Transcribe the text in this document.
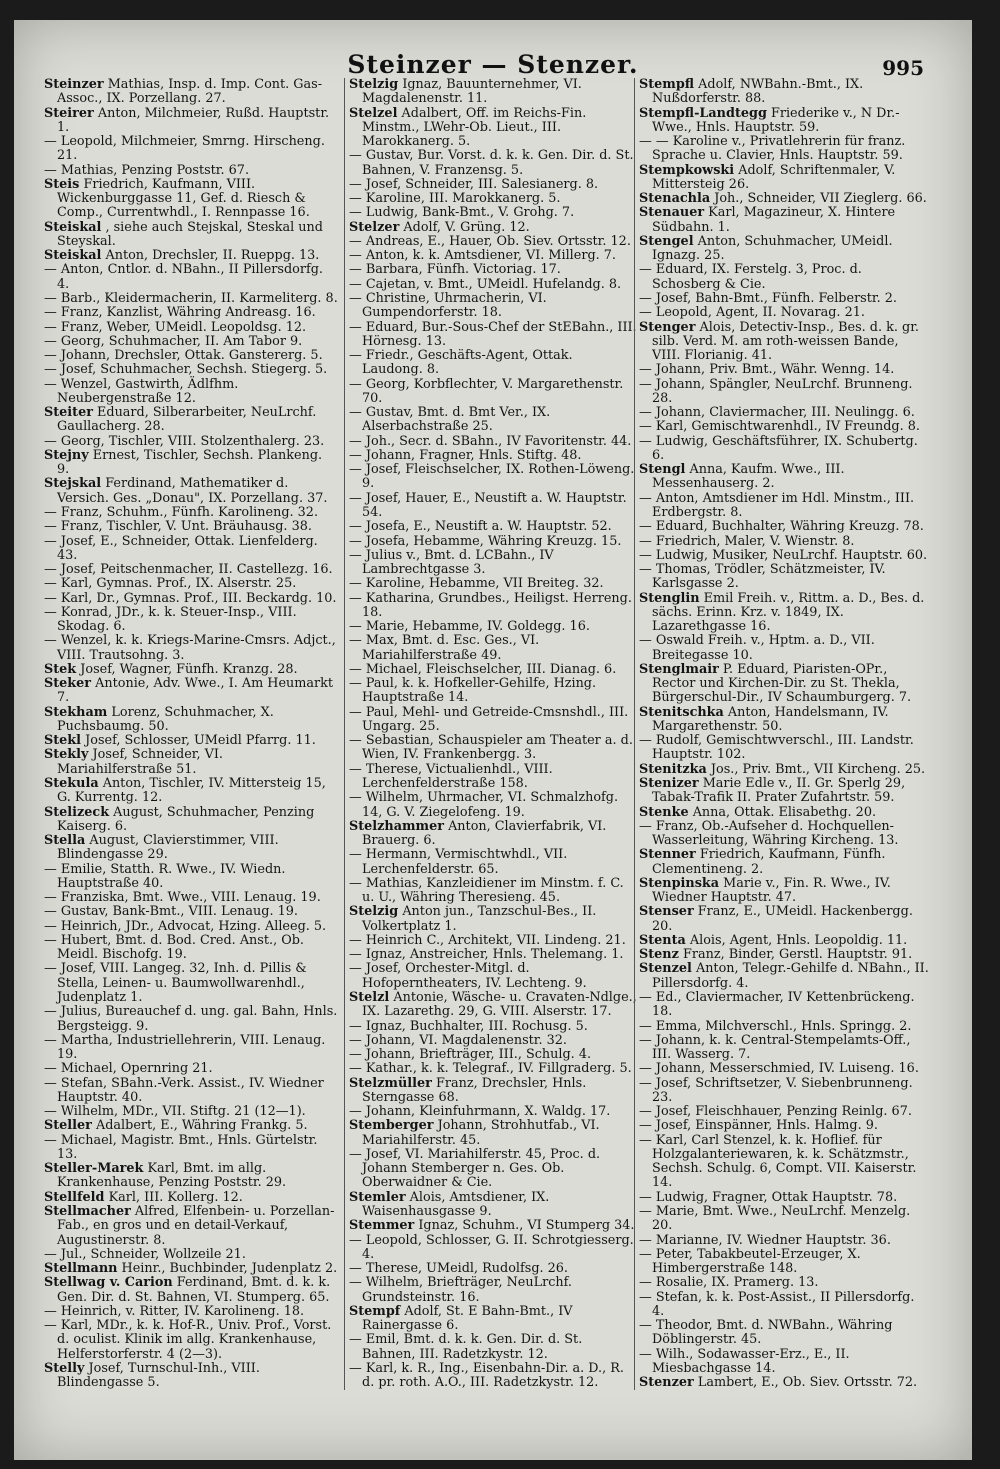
Steinzer — Stenzer.	995

Steinzer Mathias, Insp. d. Imp. Cont. Gas-Assoc., IX. Porzellang. 27.

Steirer Anton, Milchmeier, Rußd. Hauptstr. 1.

— Leopold, Milchmeier, Smrng. Hirscheng. 21.

— Mathias, Penzing Poststr. 67.

Steis Friedrich, Kaufmann, VIII. Wickenburggasse 11, Gef. d. Riesch & Comp., Currentwhdl., I. Rennpasse 16.

Steiskal , siehe auch Stejskal, Steskal und Steyskal.

Steiskal Anton, Drechsler, II. Rueppg. 13.

— Anton, Cntlor. d. NBahn., II Pillersdorfg. 4.

— Barb., Kleidermacherin, II. Karmeliterg. 8.

— Franz, Kanzlist, Währing Andreasg. 16.

— Franz, Weber, UMeidl. Leopoldsg. 12.

— Georg, Schuhmacher, II. Am Tabor 9.

— Johann, Drechsler, Ottak. Ganstererg. 5.

— Josef, Schuhmacher, Sechsh. Stiegerg. 5.

— Wenzel, Gastwirth, Ädlfhm. Neubergenstraße 12.

Steiter Eduard, Silberarbeiter, NeuLrchf. Gaullacherg. 28.

— Georg, Tischler, VIII. Stolzenthalerg. 23.

Stejny Ernest, Tischler, Sechsh. Plankeng. 9.

Stejskal Ferdinand, Mathematiker d. Versich. Ges. „Donau", IX. Porzellang. 37.

— Franz, Schuhm., Fünfh. Karolineng. 32.

— Franz, Tischler, V. Unt. Bräuhausg. 38.

— Josef, E., Schneider, Ottak. Lienfelderg. 43.

— Josef, Peitschenmacher, II. Castellezg. 16.

— Karl, Gymnas. Prof., IX. Alserstr. 25.

— Karl, Dr., Gymnas. Prof., III. Beckardg. 10.

— Konrad, JDr., k. k. Steuer-Insp., VIII. Skodag. 6.

— Wenzel, k. k. Kriegs-Marine-Cmsrs. Adjct., VIII. Trautsohng. 3.

Stek Josef, Wagner, Fünfh. Kranzg. 28.

Steker Antonie, Adv. Wwe., I. Am Heumarkt 7.

Stekham Lorenz, Schuhmacher, X. Puchsbaumg. 50.

Stekl Josef, Schlosser, UMeidl Pfarrg. 11.

Stekly Josef, Schneider, VI. Mariahilferstraße 51.

Stekula Anton, Tischler, IV. Mittersteig 15, G. Kurrentg. 12.

Stelizeck August, Schuhmacher, Penzing Kaiserg. 6.

Stella August, Clavierstimmer, VIII. Blindengasse 29.

— Emilie, Statth. R. Wwe., IV. Wiedn. Hauptstraße 40.

— Franziska, Bmt. Wwe., VIII. Lenaug. 19.

— Gustav, Bank-Bmt., VIII. Lenaug. 19.

— Heinrich, JDr., Advocat, Hzing. Alleeg. 5.

— Hubert, Bmt. d. Bod. Cred. Anst., Ob. Meidl. Bischofg. 19.

— Josef, VIII. Langeg. 32, Inh. d. Pillis & Stella, Leinen- u. Baumwollwarenhdl., Judenplatz 1.

— Julius, Bureauchef d. ung. gal. Bahn, Hnls. Bergsteigg. 9.

— Martha, Industriellehrerin, VIII. Lenaug. 19.

— Michael, Opernring 21.

— Stefan, SBahn.-Verk. Assist., IV. Wiedner Hauptstr. 40.

— Wilhelm, MDr., VII. Stiftg. 21 (12—1).

Steller Adalbert, E., Währing Frankg. 5.

— Michael, Magistr. Bmt., Hnls. Gürtelstr. 13.

Steller-Marek Karl, Bmt. im allg. Krankenhause, Penzing Poststr. 29.

Stellfeld Karl, III. Kollerg. 12.

Stellmacher Alfred, Elfenbein- u. Porzellan-Fab., en gros und en detail-Verkauf, Augustinerstr. 8.

— Jul., Schneider, Wollzeile 21.

Stellmann Heinr., Buchbinder, Judenplatz 2.

Stellwag v. Carion Ferdinand, Bmt. d. k. k. Gen. Dir. d. St. Bahnen, VI. Stumperg. 65.

— Heinrich, v. Ritter, IV. Karolineng. 18.

— Karl, MDr., k. k. Hof-R., Univ. Prof., Vorst. d. oculist. Klinik im allg. Krankenhause, Helferstorferstr. 4 (2—3).

Stelly Josef, Turnschul-Inh., VIII. Blindengasse 5.

Stelzig Ignaz, Bauunternehmer, VI. Magdalenenstr. 11.

Stelzel Adalbert, Off. im Reichs-Fin. Minstm., LWehr-Ob. Lieut., III. Marokkanerg. 5.

— Gustav, Bur. Vorst. d. k. k. Gen. Dir. d. St. Bahnen, V. Franzensg. 5.

— Josef, Schneider, III. Salesianerg. 8.

— Karoline, III. Marokkanerg. 5.

— Ludwig, Bank-Bmt., V. Grohg. 7.

Stelzer Adolf, V. Grüng. 12.

— Andreas, E., Hauer, Ob. Siev. Ortsstr. 12.

— Anton, k. k. Amtsdiener, VI. Millerg. 7.

— Barbara, Fünfh. Victoriag. 17.

— Cajetan, v. Bmt., UMeidl. Hufelandg. 8.

— Christine, Uhrmacherin, VI. Gumpendorferstr. 18.

— Eduard, Bur.-Sous-Chef der StEBahn., III. Hörnesg. 13.

— Friedr., Geschäfts-Agent, Ottak. Laudong. 8.

— Georg, Korbflechter, V. Margarethenstr. 70.

— Gustav, Bmt. d. Bmt Ver., IX. Alserbachstraße 25.

— Joh., Secr. d. SBahn., IV Favoritenstr. 44.

— Johann, Fragner, Hnls. Stiftg. 48.

— Josef, Fleischselcher, IX. Rothen-Löweng. 9.

— Josef, Hauer, E., Neustift a. W. Hauptstr. 54.

— Josefa, E., Neustift a. W. Hauptstr. 52.

— Josefa, Hebamme, Währing Kreuzg. 15.

— Julius v., Bmt. d. LCBahn., IV Lambrechtgasse 3.

— Karoline, Hebamme, VII Breiteg. 32.

— Katharina, Grundbes., Heiligst. Herreng. 18.

— Marie, Hebamme, IV. Goldegg. 16.

— Max, Bmt. d. Esc. Ges., VI. Mariahilferstraße 49.

— Michael, Fleischselcher, III. Dianag. 6.

— Paul, k. k. Hofkeller-Gehilfe, Hzing. Hauptstraße 14.

— Paul, Mehl- und Getreide-Cmsnshdl., III. Ungarg. 25.

— Sebastian, Schauspieler am Theater a. d. Wien, IV. Frankenbergg. 3.

— Therese, Victualienhdl., VIII. Lerchenfelderstraße 158.

— Wilhelm, Uhrmacher, VI. Schmalzhofg. 14, G. V. Ziegelofeng. 19.

Stelzhammer Anton, Clavierfabrik, VI. Brauerg. 6.

— Hermann, Vermischtwhdl., VII. Lerchenfelderstr. 65.

— Mathias, Kanzleidiener im Minstm. f. C. u. U., Währing Theresieng. 45.

Stelzig Anton jun., Tanzschul-Bes., II. Volkertplatz 1.

— Heinrich C., Architekt, VII. Lindeng. 21.

— Ignaz, Anstreicher, Hnls. Thelemang. 1.

— Josef, Orchester-Mitgl. d. Hofoperntheaters, IV. Lechteng. 9.

Stelzl Antonie, Wäsche- u. Cravaten-Ndlge., IX. Lazarethg. 29, G. VIII. Alserstr. 17.

— Ignaz, Buchhalter, III. Rochusg. 5.

— Johann, VI. Magdalenenstr. 32.

— Johann, Briefträger, III., Schulg. 4.

— Kathar., k. k. Telegraf., IV. Fillgraderg. 5.

Stelzmüller Franz, Drechsler, Hnls. Sterngasse 68.

— Johann, Kleinfuhrmann, X. Waldg. 17.

Stemberger Johann, Strohhutfab., VI. Mariahilferstr. 45.

— Josef, VI. Mariahilferstr. 45, Proc. d. Johann Stemberger n. Ges. Ob. Oberwaidner & Cie.

Stemler Alois, Amtsdiener, IX. Waisenhausgasse 9.

Stemmer Ignaz, Schuhm., VI Stumperg 34.

— Leopold, Schlosser, G. II. Schrotgiesserg. 4.

— Therese, UMeidl, Rudolfsg. 26.

— Wilhelm, Briefträger, NeuLrchf. Grundsteinstr. 16.

Stempf Adolf, St. E Bahn-Bmt., IV Rainergasse 6.

— Emil, Bmt. d. k. k. Gen. Dir. d. St. Bahnen, III. Radetzkystr. 12.

— Karl, k. R., Ing., Eisenbahn-Dir. a. D., R. d. pr. roth. A.O., III. Radetzkystr. 12.

Stempfl Adolf, NWBahn.-Bmt., IX. Nußdorferstr. 88.

Stempfl-Landtegg Friederike v., N Dr.-Wwe., Hnls. Hauptstr. 59.

— — Karoline v., Privatlehrerin für franz. Sprache u. Clavier, Hnls. Hauptstr. 59.

Stempkowski Adolf, Schriftenmaler, V. Mittersteig 26.

Stenachla Joh., Schneider, VII Zieglerg. 66.

Stenauer Karl, Magazineur, X. Hintere Südbahn. 1.

Stengel Anton, Schuhmacher, UMeidl. Ignazg. 25.

— Eduard, IX. Ferstelg. 3, Proc. d. Schosberg & Cie.

— Josef, Bahn-Bmt., Fünfh. Felberstr. 2.

— Leopold, Agent, II. Novarag. 21.

Stenger Alois, Detectiv-Insp., Bes. d. k. gr. silb. Verd. M. am roth-weissen Bande, VIII. Florianig. 41.

— Johann, Priv. Bmt., Währ. Wenng. 14.

— Johann, Spängler, NeuLrchf. Brunneng. 28.

— Johann, Claviermacher, III. Neulingg. 6.

— Karl, Gemischtwarenhdl., IV Freundg. 8.

— Ludwig, Geschäftsführer, IX. Schubertg. 6.

Stengl Anna, Kaufm. Wwe., III. Messenhauserg. 2.

— Anton, Amtsdiener im Hdl. Minstm., III. Erdbergstr. 8.

— Eduard, Buchhalter, Währing Kreuzg. 78.

— Friedrich, Maler, V. Wienstr. 8.

— Ludwig, Musiker, NeuLrchf. Hauptstr. 60.

— Thomas, Trödler, Schätzmeister, IV. Karlsgasse 2.

Stenglin Emil Freih. v., Rittm. a. D., Bes. d. sächs. Erinn. Krz. v. 1849, IX. Lazarethgasse 16.

— Oswald Freih. v., Hptm. a. D., VII. Breitegasse 10.

Stenglmair P. Eduard, Piaristen-OPr., Rector und Kirchen-Dir. zu St. Thekla, Bürgerschul-Dir., IV Schaumburgerg. 7.

Stenitschka Anton, Handelsmann, IV. Margarethenstr. 50.

— Rudolf, Gemischtwverschl., III. Landstr. Hauptstr. 102.

Stenitzka Jos., Priv. Bmt., VII Kircheng. 25.

Stenizer Marie Edle v., II. Gr. Sperlg 29, Tabak-Trafik II. Prater Zufahrtstr. 59.

Stenke Anna, Ottak. Elisabethg. 20.

— Franz, Ob.-Aufseher d. Hochquellen-Wasserleitung, Währing Kircheng. 13.

Stenner Friedrich, Kaufmann, Fünfh. Clementineng. 2.

Stenpinska Marie v., Fin. R. Wwe., IV. Wiedner Hauptstr. 47.

Stenser Franz, E., UMeidl. Hackenbergg. 20.

Stenta Alois, Agent, Hnls. Leopoldig. 11.

Stenz Franz, Binder, Gerstl. Hauptstr. 91.

Stenzel Anton, Telegr.-Gehilfe d. NBahn., II. Pillersdorfg. 4.

— Ed., Claviermacher, IV Kettenbrückeng. 18.

— Emma, Milchverschl., Hnls. Springg. 2.

— Johann, k. k. Central-Stempelamts-Off., III. Wasserg. 7.

— Johann, Messerschmied, IV. Luiseng. 16.

— Josef, Schriftsetzer, V. Siebenbrunneng. 23.

— Josef, Fleischhauer, Penzing Reinlg. 67.

— Josef, Einspänner, Hnls. Halmg. 9.

— Karl, Carl Stenzel, k. k. Hoflief. für Holzgalanteriewaren, k. k. Schätzmstr., Sechsh. Schulg. 6, Compt. VII. Kaiserstr. 14.

— Ludwig, Fragner, Ottak Hauptstr. 78.

— Marie, Bmt. Wwe., NeuLrchf. Menzelg. 20.

— Marianne, IV. Wiedner Hauptstr. 36.

— Peter, Tabakbeutel-Erzeuger, X. Himbergerstraße 148.

— Rosalie, IX. Pramerg. 13.

— Stefan, k. k. Post-Assist., II Pillersdorfg. 4.

— Theodor, Bmt. d. NWBahn., Währing Döblingerstr. 45.

— Wilh., Sodawasser-Erz., E., II. Miesbachgasse 14.

Stenzer Lambert, E., Ob. Siev. Ortsstr. 72.
